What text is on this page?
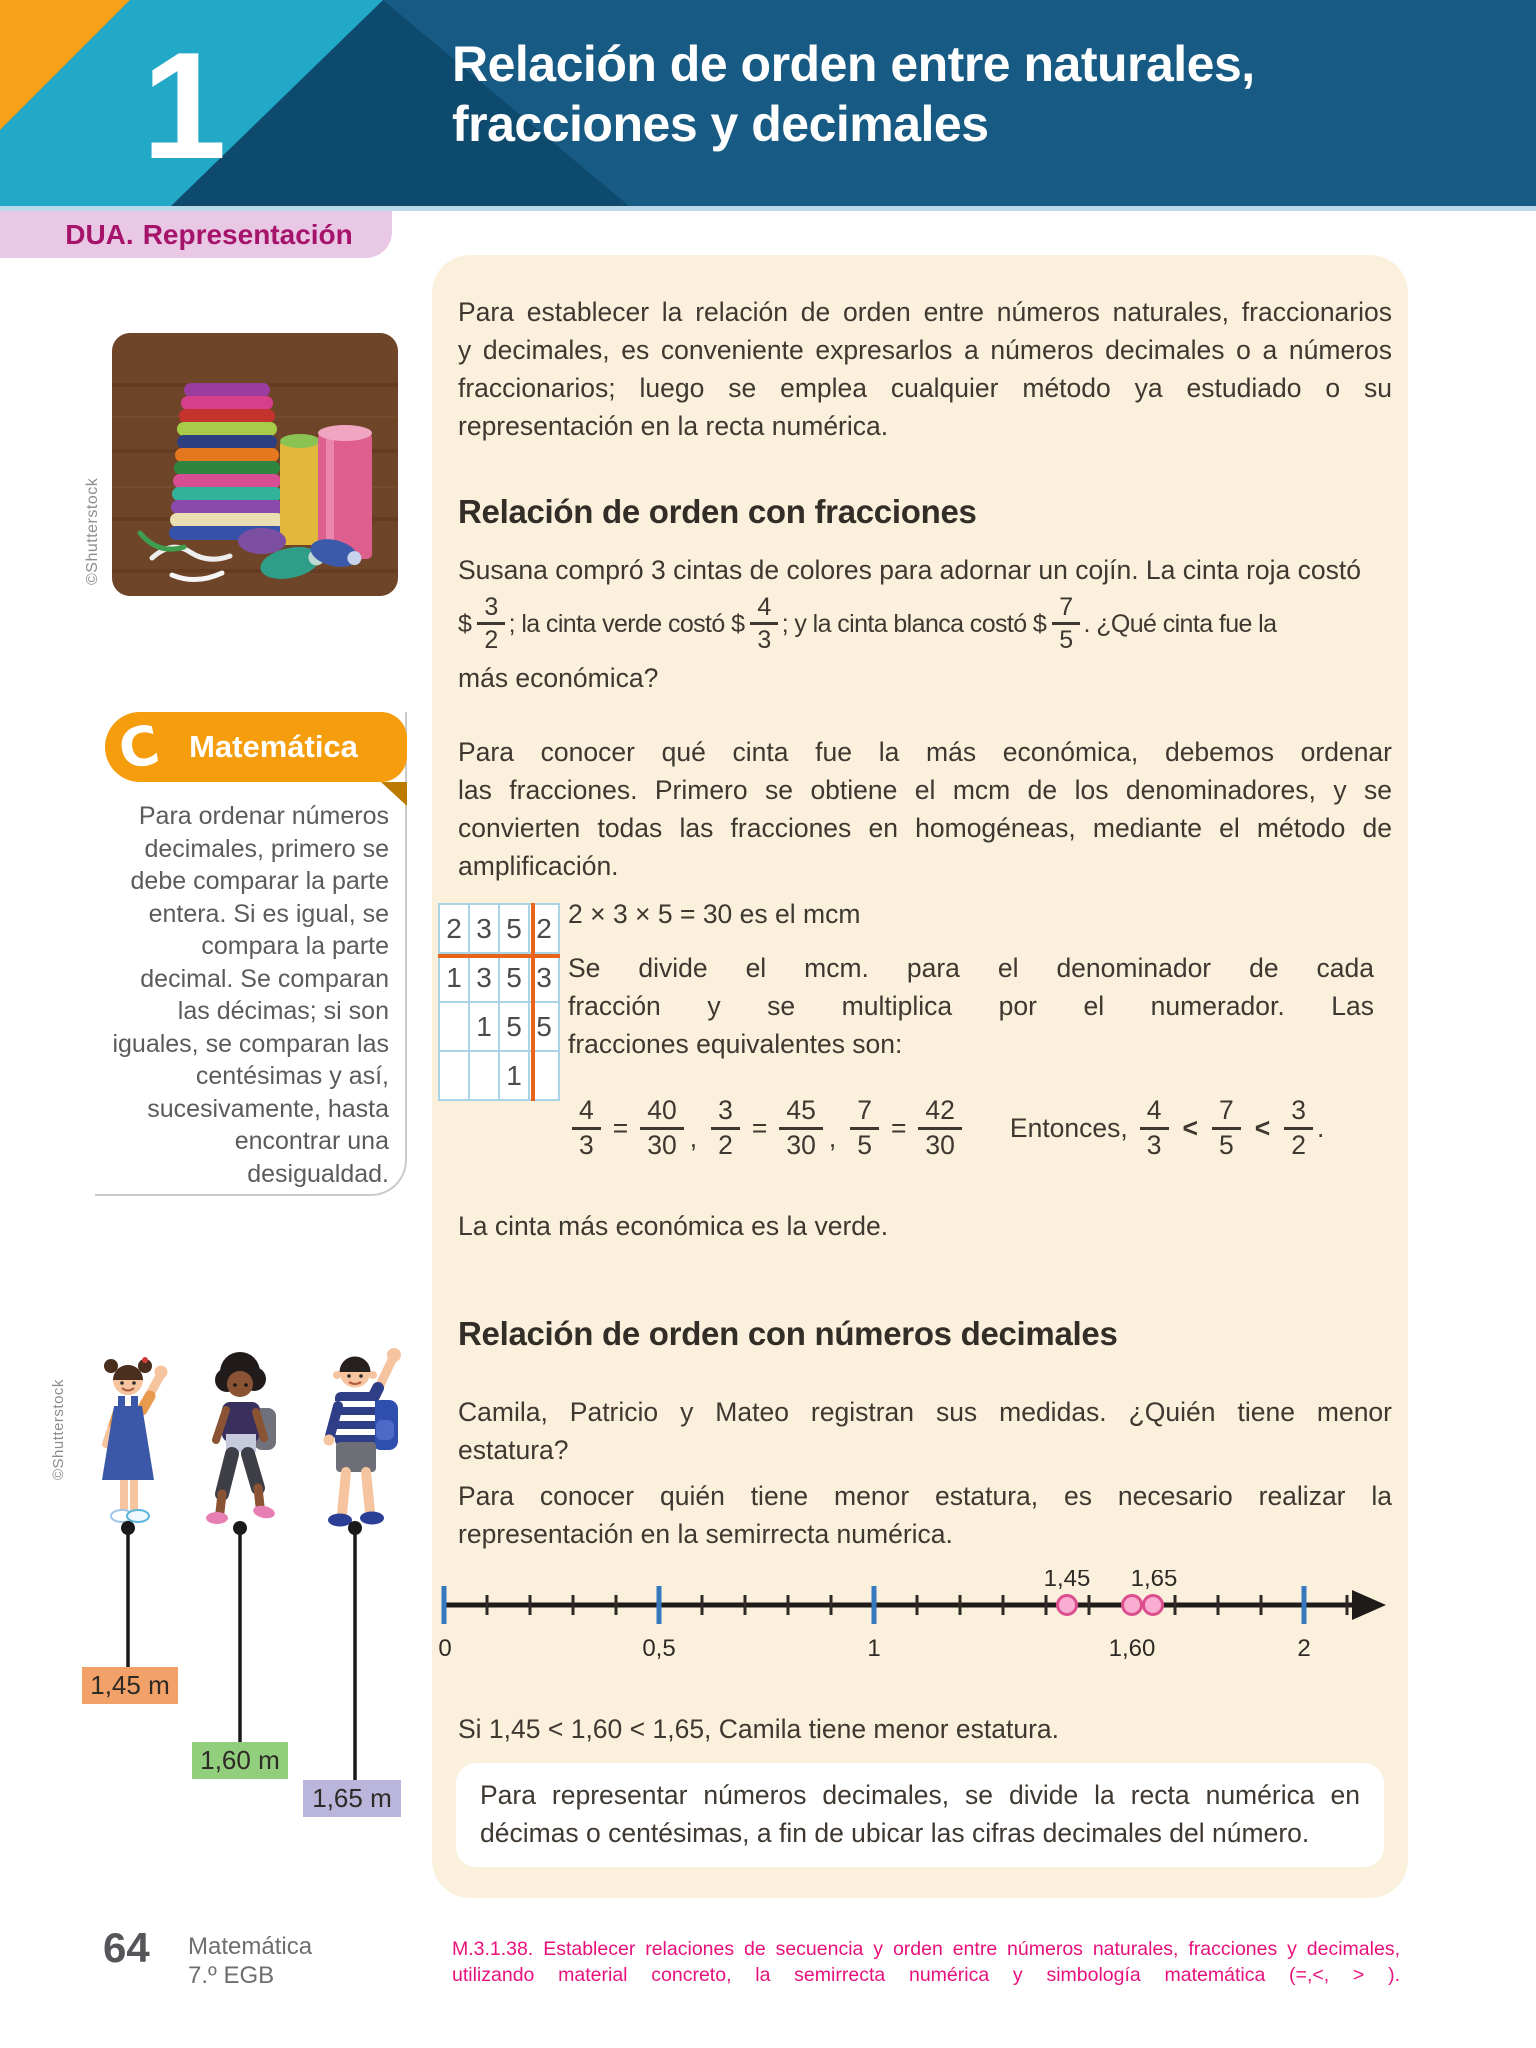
1	Relación de orden entre naturales,
fracciones y decimales
DUA. Representación
©Shutterstock
C Matemática
Para ordenar números
decimales, primero se
debe comparar la parte
entera. Si es igual, se
compara la parte
decimal. Se comparan
las décimas; si son
iguales, se comparan las
centésimas y así,
sucesivamente, hasta
encontrar una
desigualdad.
Para establecer la relación de orden entre números naturales, fraccionarios
y decimales, es conveniente expresarlos a números decimales o a números
fraccionarios; luego se emplea cualquier método ya estudiado o su
representación en la recta numérica.
Relación de orden con fracciones
Susana compró 3 cintas de colores para adornar un cojín. La cinta roja costó
$ $\frac{3}{2}$ ; la cinta verde costó $ $\frac{4}{3}$ ; y la cinta blanca costó $ $\frac{7}{5}$ . ¿Qué cinta fue la
más económica?
Para conocer qué cinta fue la más económica, debemos ordenar
las fracciones. Primero se obtiene el mcm de los denominadores, y se
convierten todas las fracciones en homogéneas, mediante el método de
amplificación.
2	3	5	2
1	3	5	3
	1	5	5
		1	
2 × 3 × 5 = 30 es el mcm
Se divide el mcm. para el denominador de cada
fracción y se multiplica por el numerador. Las
fracciones equivalentes son:
$\frac{4}{3} = \frac{40}{30}$ , $\frac{3}{2} = \frac{45}{30}$ , $\frac{7}{5} = \frac{42}{30}$ Entonces, $\frac{4}{3} < \frac{7}{5} < \frac{3}{2}$ .
La cinta más económica es la verde.
Relación de orden con números decimales
Camila, Patricio y Mateo registran sus medidas. ¿Quién tiene menor
estatura?
Para conocer quién tiene menor estatura, es necesario realizar la
representación en la semirrecta numérica.
1,45 1,65
0	0,5	1	1,60	2
Si 1,45 < 1,60 < 1,65, Camila tiene menor estatura.
Para representar números decimales, se divide la recta numérica en
décimas o centésimas, a fin de ubicar las cifras decimales del número.
©Shutterstock
1,45 m
1,60 m
1,65 m
64 Matemática
7.º EGB
M.3.1.38. Establecer relaciones de secuencia y orden entre números naturales, fracciones y decimales, utilizando material concreto, la semirrecta numérica y simbología matemática (=,<, > ).
